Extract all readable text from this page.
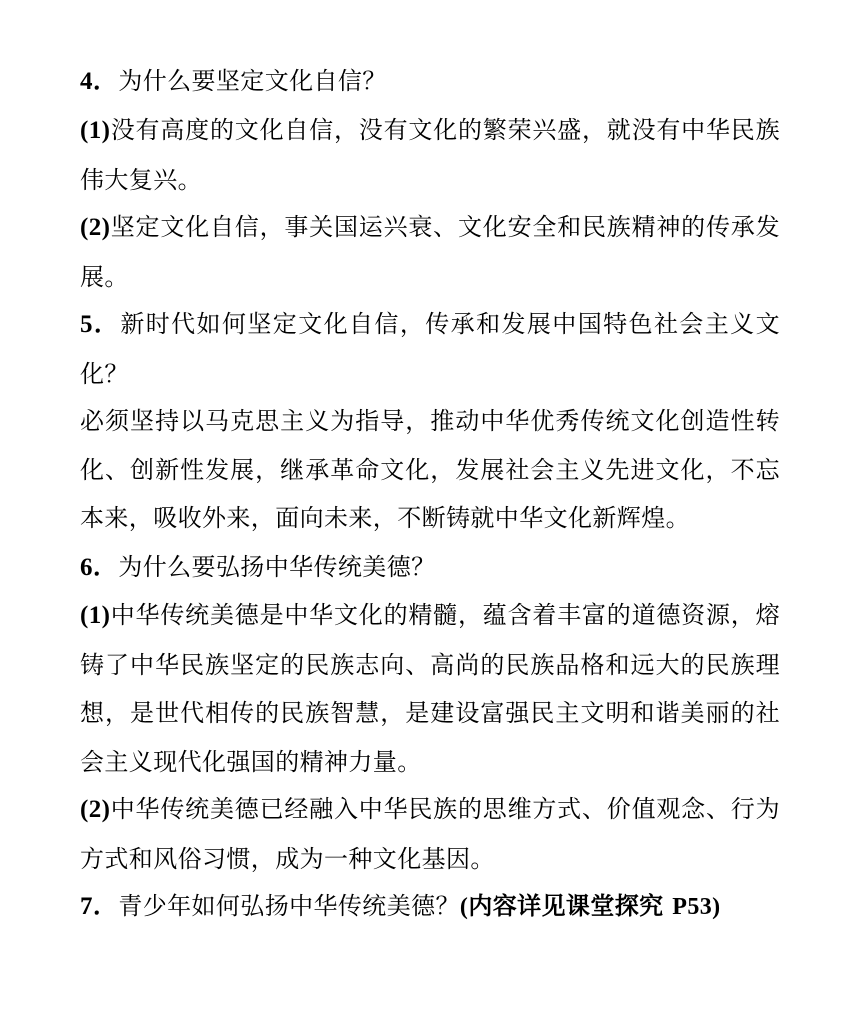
4．为什么要坚定文化自信？

(1)没有高度的文化自信，没有文化的繁荣兴盛，就没有中华民族伟大复兴。

(2)坚定文化自信，事关国运兴衰、文化安全和民族精神的传承发展。

5．新时代如何坚定文化自信，传承和发展中国特色社会主义文化？

必须坚持以马克思主义为指导，推动中华优秀传统文化创造性转化、创新性发展，继承革命文化，发展社会主义先进文化，不忘本来，吸收外来，面向未来，不断铸就中华文化新辉煌。

6．为什么要弘扬中华传统美德？

(1)中华传统美德是中华文化的精髓，蕴含着丰富的道德资源，熔铸了中华民族坚定的民族志向、高尚的民族品格和远大的民族理想，是世代相传的民族智慧，是建设富强民主文明和谐美丽的社会主义现代化强国的精神力量。

(2)中华传统美德已经融入中华民族的思维方式、价值观念、行为方式和风俗习惯，成为一种文化基因。

7．青少年如何弘扬中华传统美德？(内容详见课堂探究 P53)
